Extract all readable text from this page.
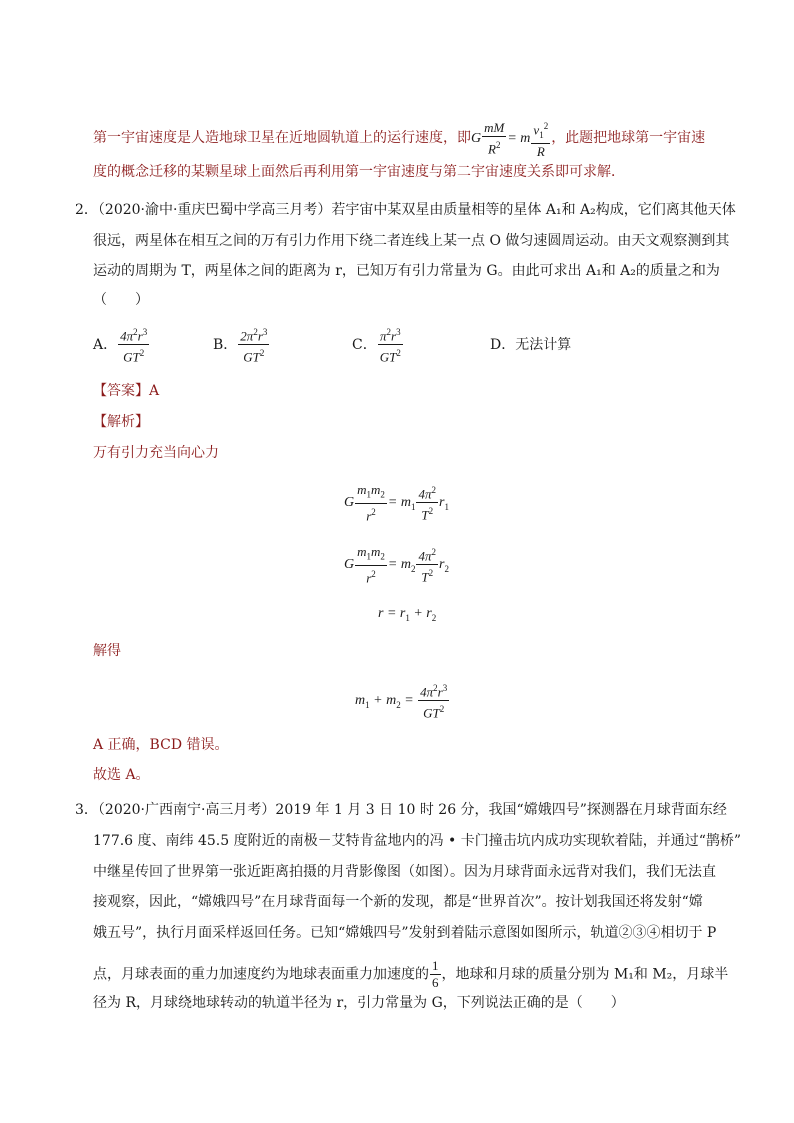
第一宇宙速度是人造地球卫星在近地圆轨道上的运行速度，即G $\frac{mM}{R^2} = m \frac{v_1^2}{R}$ ，此题把地球第一宇宙速
度的概念迁移的某颗星球上面然后再利用第一宇宙速度与第二宇宙速度关系即可求解．
2．（2020·渝中·重庆巴蜀中学高三月考）若宇宙中某双星由质量相等的星体 A₁和 A₂构成，它们离其他天体
很远，两星体在相互之间的万有引力作用下绕二者连线上某一点 O 做匀速圆周运动。由天文观察测到其
运动的周期为 T，两星体之间的距离为 r，已知万有引力常量为 G。由此可求出 A₁和 A₂的质量之和为
（　　）
A． $\frac{4\pi^2r^3}{GT^2}$	B． $\frac{2\pi^2r^3}{GT^2}$	C． $\frac{\pi^2r^3}{GT^2}$	D．无法计算
【答案】A
【解析】
万有引力充当向心力
G $\frac{m_1m_2}{r^2} = m_1 \frac{4\pi^2}{T^2} r_1$
G $\frac{m_1m_2}{r^2} = m_2 \frac{4\pi^2}{T^2} r_2$
$r = r_1 + r_2$
解得
$m_1 + m_2 = \frac{4\pi^2r^3}{GT^2}$
A 正确，BCD 错误。
故选 A。
3．（2020·广西南宁·高三月考）2019 年 1 月 3 日 10 时 26 分，我国“嫦娥四号”探测器在月球背面东经
177.6 度、南纬 45.5 度附近的南极－艾特肯盆地内的冯 • 卡门撞击坑内成功实现软着陆，并通过“鹊桥”
中继星传回了世界第一张近距离拍摄的月背影像图（如图）。因为月球背面永远背对我们，我们无法直
接观察，因此，“嫦娥四号”在月球背面每一个新的发现，都是“世界首次”。按计划我国还将发射“嫦
娥五号”，执行月面采样返回任务。已知“嫦娥四号”发射到着陆示意图如图所示，轨道②③④相切于 P
点，月球表面的重力加速度约为地球表面重力加速度的 $\frac{1}{6}$ ，地球和月球的质量分别为 M₁和 M₂，月球半
径为 R，月球绕地球转动的轨道半径为 r，引力常量为 G，下列说法正确的是（　　）
